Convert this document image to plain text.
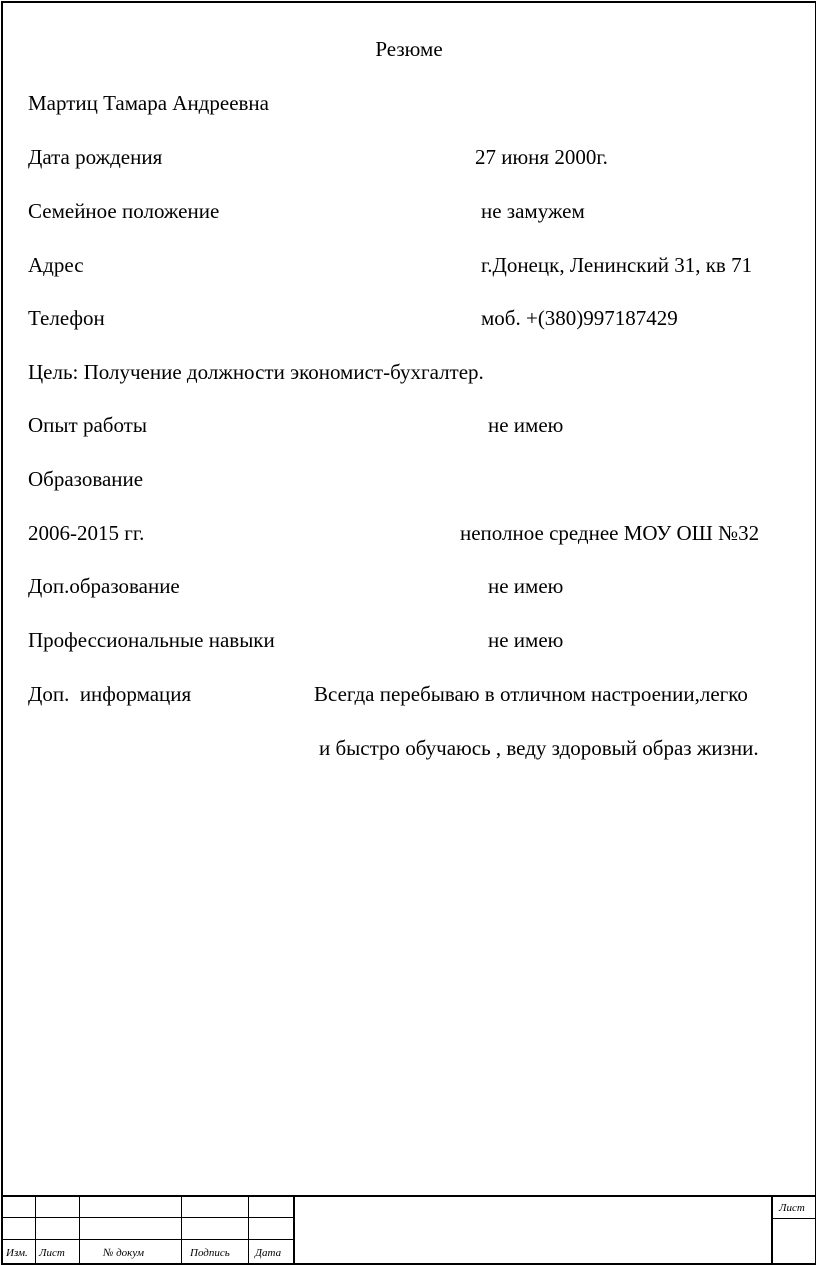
Резюме
Мартиц Тамара Андреевна
Дата рождения	27 июня 2000г.
Семейное положение	не замужем
Адрес	г.Донецк, Ленинский 31, кв 71
Телефон	моб. +(380)997187429
Цель: Получение должности экономист-бухгалтер.
Опыт работы	не имею
Образование
2006-2015 гг.	неполное среднее МОУ ОШ №32
Доп.образование	не имею
Профессиональные навыки	не имею
Доп.  информация	Всегда перебываю в отличном настроении,легко
и быстро обучаюсь , веду здоровый образ жизни.
Изм. Лист	№ докум	Подпись Дата
Лист
